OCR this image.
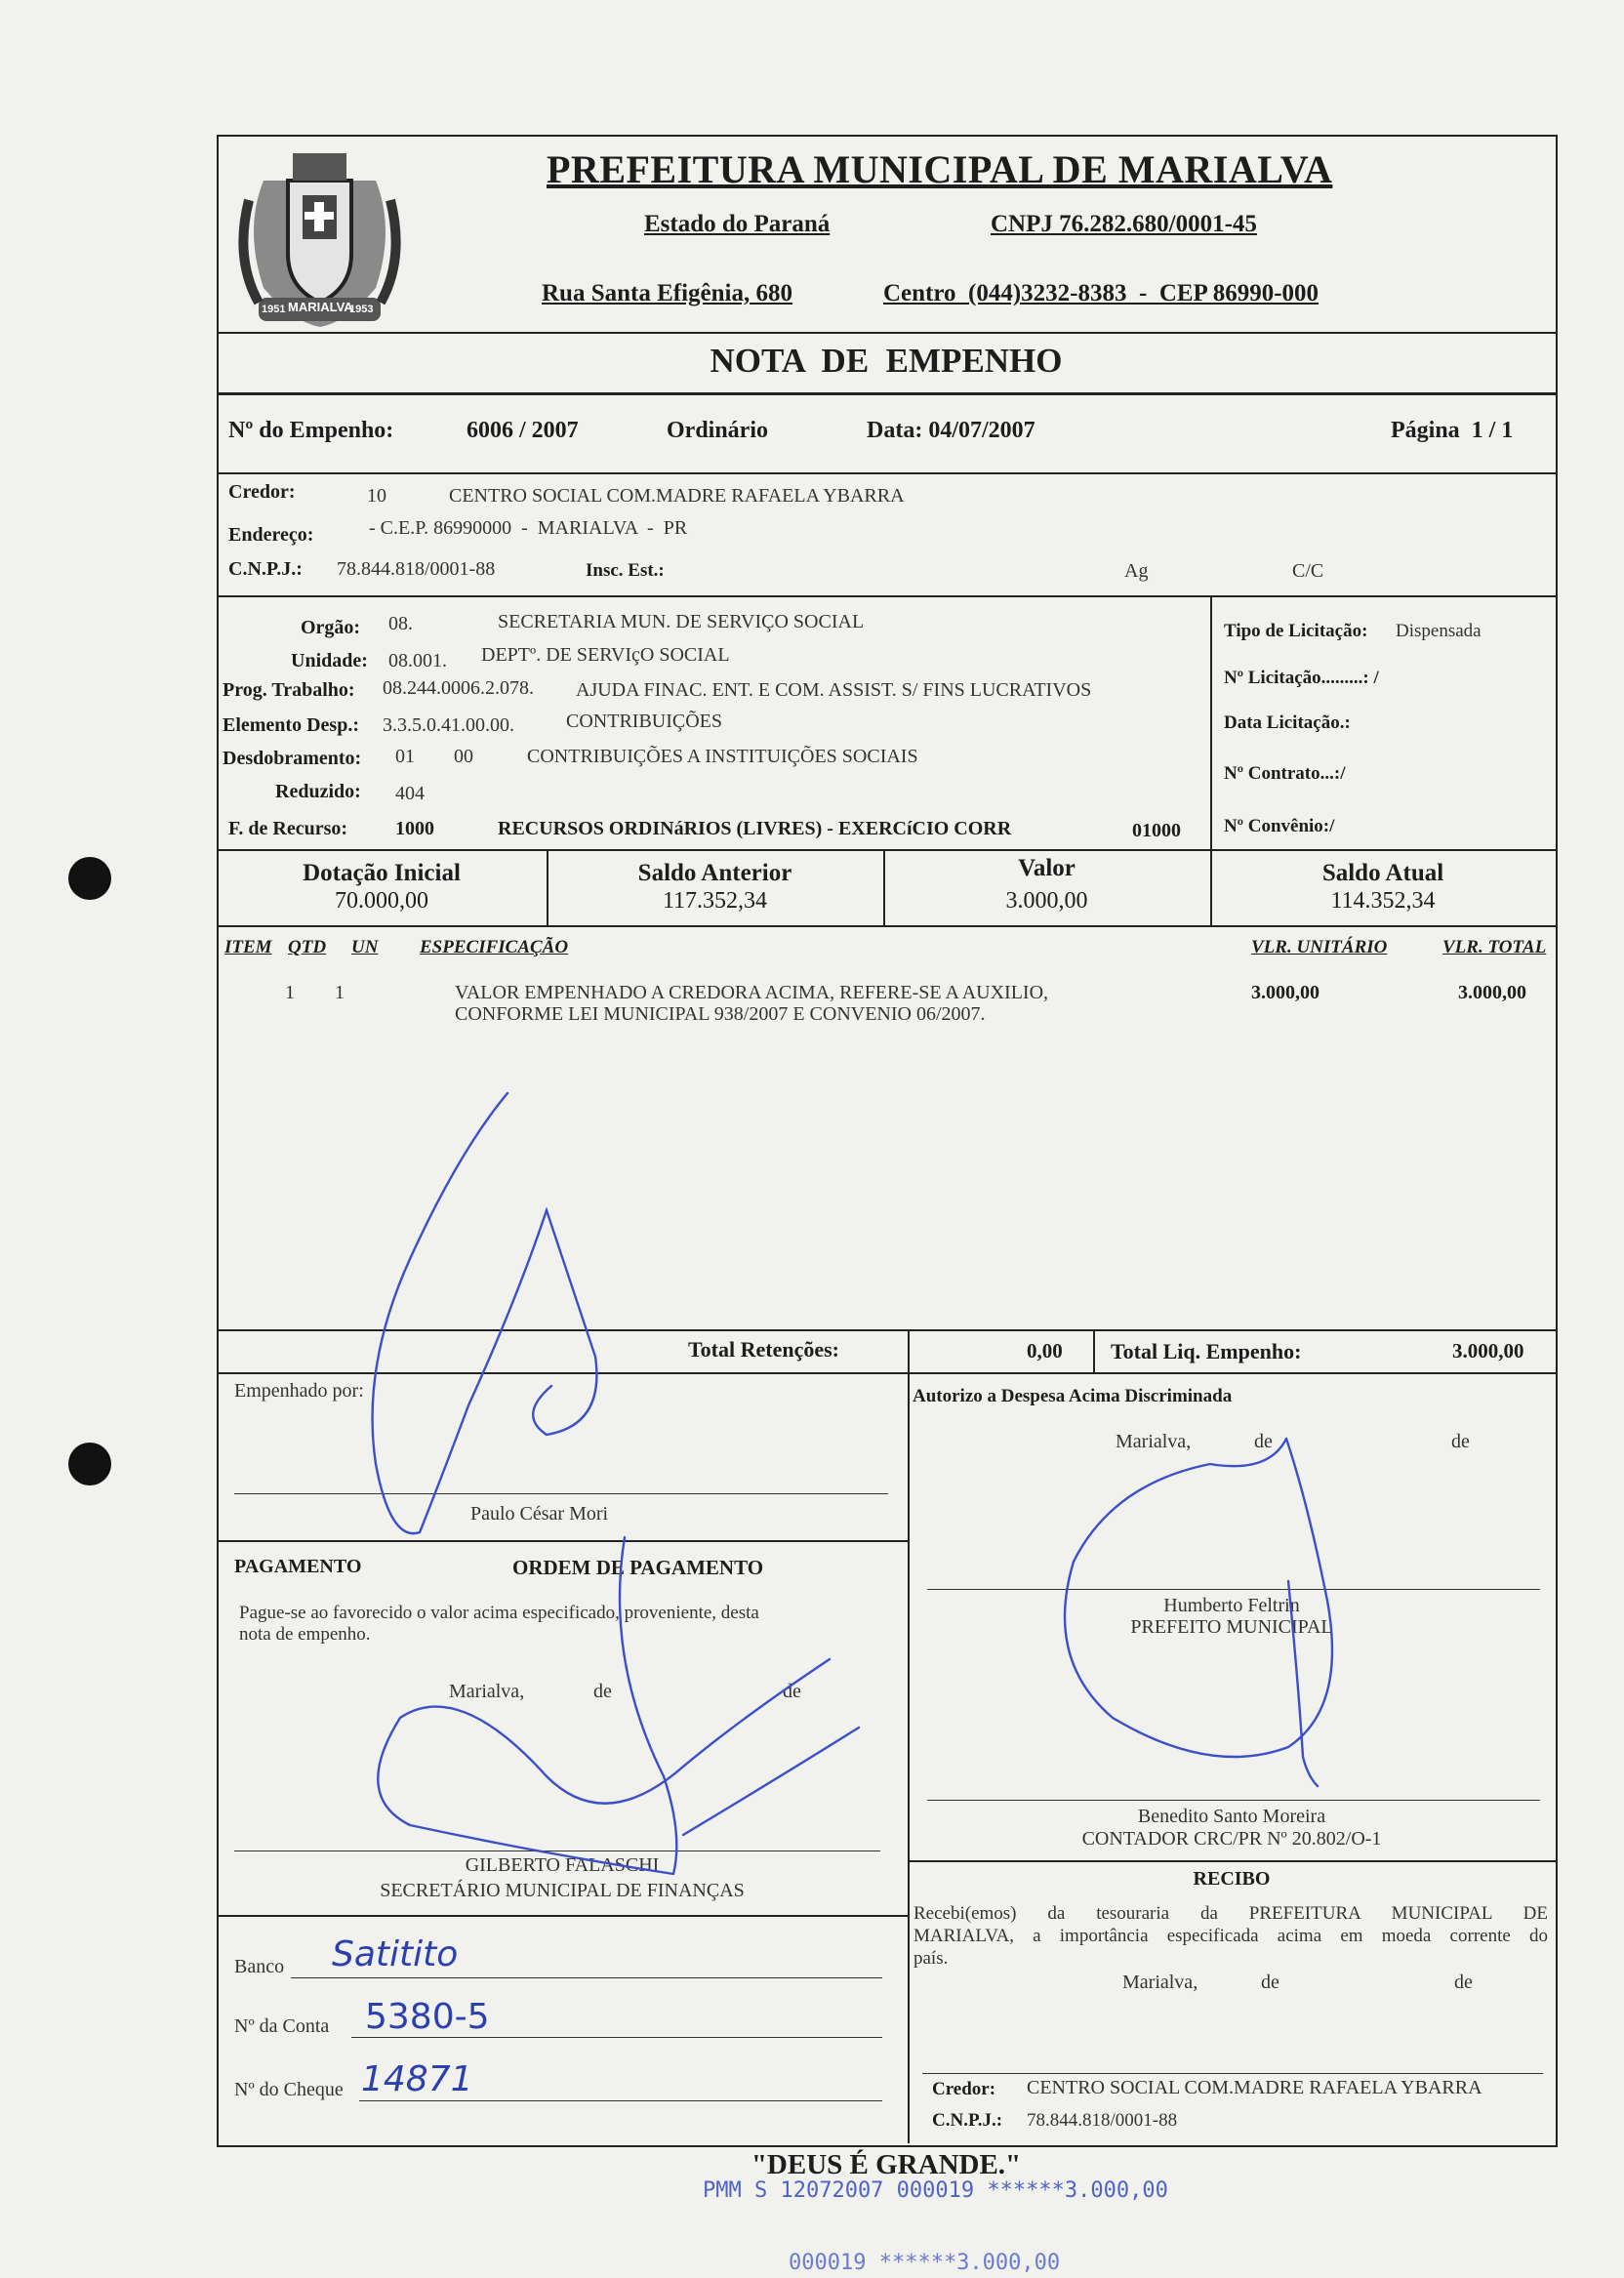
MARIALVA
1951	1953
PREFEITURA MUNICIPAL DE MARIALVA
Estado do Paraná	CNPJ 76.282.680/0001-45
Rua Santa Efigênia, 680	Centro  (044)3232-8383  -  CEP 86990-000
NOTA  DE  EMPENHO
Nº do Empenho:	6006 / 2007	Ordinário	Data: 04/07/2007	Página  1 / 1
Credor:	10	CENTRO SOCIAL COM.MADRE RAFAELA YBARRA
Endereço:	- C.E.P. 86990000  -  MARIALVA  -  PR
C.N.P.J.: 78.844.818/0001-88	Insc. Est.:	Ag	C/C
Orgão: 08.	SECRETARIA MUN. DE SERVIÇO SOCIAL
Unidade: 08.001. DEPTº. DE SERVIçO SOCIAL
Prog. Trabalho: 08.244.0006.2.078. AJUDA FINAC. ENT. E COM. ASSIST. S/ FINS LUCRATIVOS
Elemento Desp.: 3.3.5.0.41.00.00.	CONTRIBUIÇÕES
Desdobramento: 01 00	CONTRIBUIÇÕES A INSTITUIÇÕES SOCIAIS
Reduzido: 404
F. de Recurso: 1000	RECURSOS ORDINáRIOS (LIVRES) - EXERCíCIO CORR	01000
Tipo de Licitação: Dispensada
Nº Licitação.........: /
Data Licitação.:
Nº Contrato...:/
Nº Convênio:/
Dotação Inicial
70.000,00
Saldo Anterior
117.352,34
Valor
3.000,00
Saldo Atual
114.352,34
ITEM QTD UN ESPECIFICAÇÃO	VLR. UNITÁRIO	VLR. TOTAL
1 1	VALOR EMPENHADO A CREDORA ACIMA, REFERE-SE A AUXILIO,
CONFORME LEI MUNICIPAL 938/2007 E CONVENIO 06/2007.
3.000,00	3.000,00
Total Retenções:	0,00 Total Liq. Empenho:	3.000,00
Empenhado por:
Paulo César Mori
Autorizo a Despesa Acima Discriminada
Marialva,	de	de
Humberto Feltrin
PREFEITO MUNICIPAL
Benedito Santo Moreira
CONTADOR CRC/PR Nº 20.802/O-1
PAGAMENTO	ORDEM DE PAGAMENTO
Pague-se ao favorecido o valor acima especificado, proveniente, desta
nota de empenho.
Marialva,	de	de
GILBERTO FALASCHI
SECRETÁRIO MUNICIPAL DE FINANÇAS
Banco Satitito
Nº da Conta 5380-5
Nº do Cheque 14871
RECIBO
Recebi(emos) da tesouraria da PREFEITURA MUNICIPAL DE
MARIALVA, a importância especificada acima em moeda corrente do
país.
Marialva,	de	de
Credor: CENTRO SOCIAL COM.MADRE RAFAELA YBARRA
C.N.P.J.: 78.844.818/0001-88
"DEUS É GRANDE."
PMM S 12072007 000019 ******3.000,00
000019 ******3.000,00
